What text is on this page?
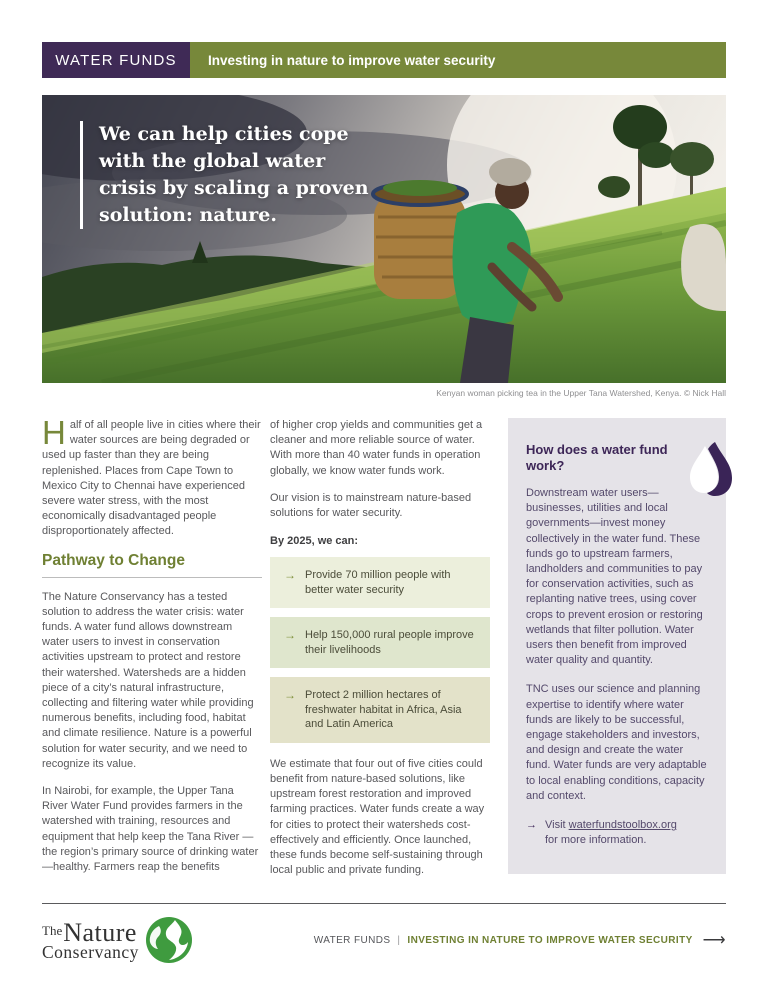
WATER FUNDS	Investing in nature to improve water security
We can help cities cope
with the global water
crisis by scaling a proven
solution: nature.
Kenyan woman picking tea in the Upper Tana Watershed, Kenya. © Nick Hall

Half of all people live in cities where their water sources are being degraded or used up faster than they are being replenished. Places from Cape Town to Mexico City to Chennai have experienced severe water stress, with the most economically disadvantaged people disproportionately affected.

Pathway to Change

The Nature Conservancy has a tested solution to address the water crisis: water funds. A water fund allows downstream water users to invest in conservation activities upstream to protect and restore their watershed. Watersheds are a hidden piece of a city’s natural infrastructure, collecting and filtering water while providing numerous benefits, including food, habitat and climate resilience. Nature is a powerful solution for water security, and we need to recognize its value.

In Nairobi, for example, the Upper Tana River Water Fund provides farmers in the watershed with training, resources and equipment that help keep the Tana River —the region’s primary source of drinking water—healthy. Farmers reap the benefits

of higher crop yields and communities get a cleaner and more reliable source of water. With more than 40 water funds in operation globally, we know water funds work.

Our vision is to mainstream nature-based solutions for water security.

By 2025, we can:
→ Provide 70 million people with better water security
→ Help 150,000 rural people improve their livelihoods
→ Protect 2 million hectares of freshwater habitat in Africa, Asia and Latin America

We estimate that four out of five cities could benefit from nature-based solutions, like upstream forest restoration and improved farming practices. Water funds create a way for cities to protect their watersheds cost-effectively and efficiently. Once launched, these funds become self-sustaining through local public and private funding.

How does a water fund work?

Downstream water users—businesses, utilities and local governments—invest money collectively in the water fund. These funds go to upstream farmers, landholders and communities to pay for conservation activities, such as replanting native trees, using cover crops to prevent erosion or restoring wetlands that filter pollution. Water users then benefit from improved water quality and quantity.

TNC uses our science and planning expertise to identify where water funds are likely to be successful, engage stakeholders and investors, and design and create the water fund. Water funds are very adaptable to local enabling conditions, capacity and context.

→ Visit waterfundstoolbox.org
for more information.
$^{The}$Nature
Conservancy
WATER FUNDS | INVESTING IN NATURE TO IMPROVE WATER SECURITY ⟶
